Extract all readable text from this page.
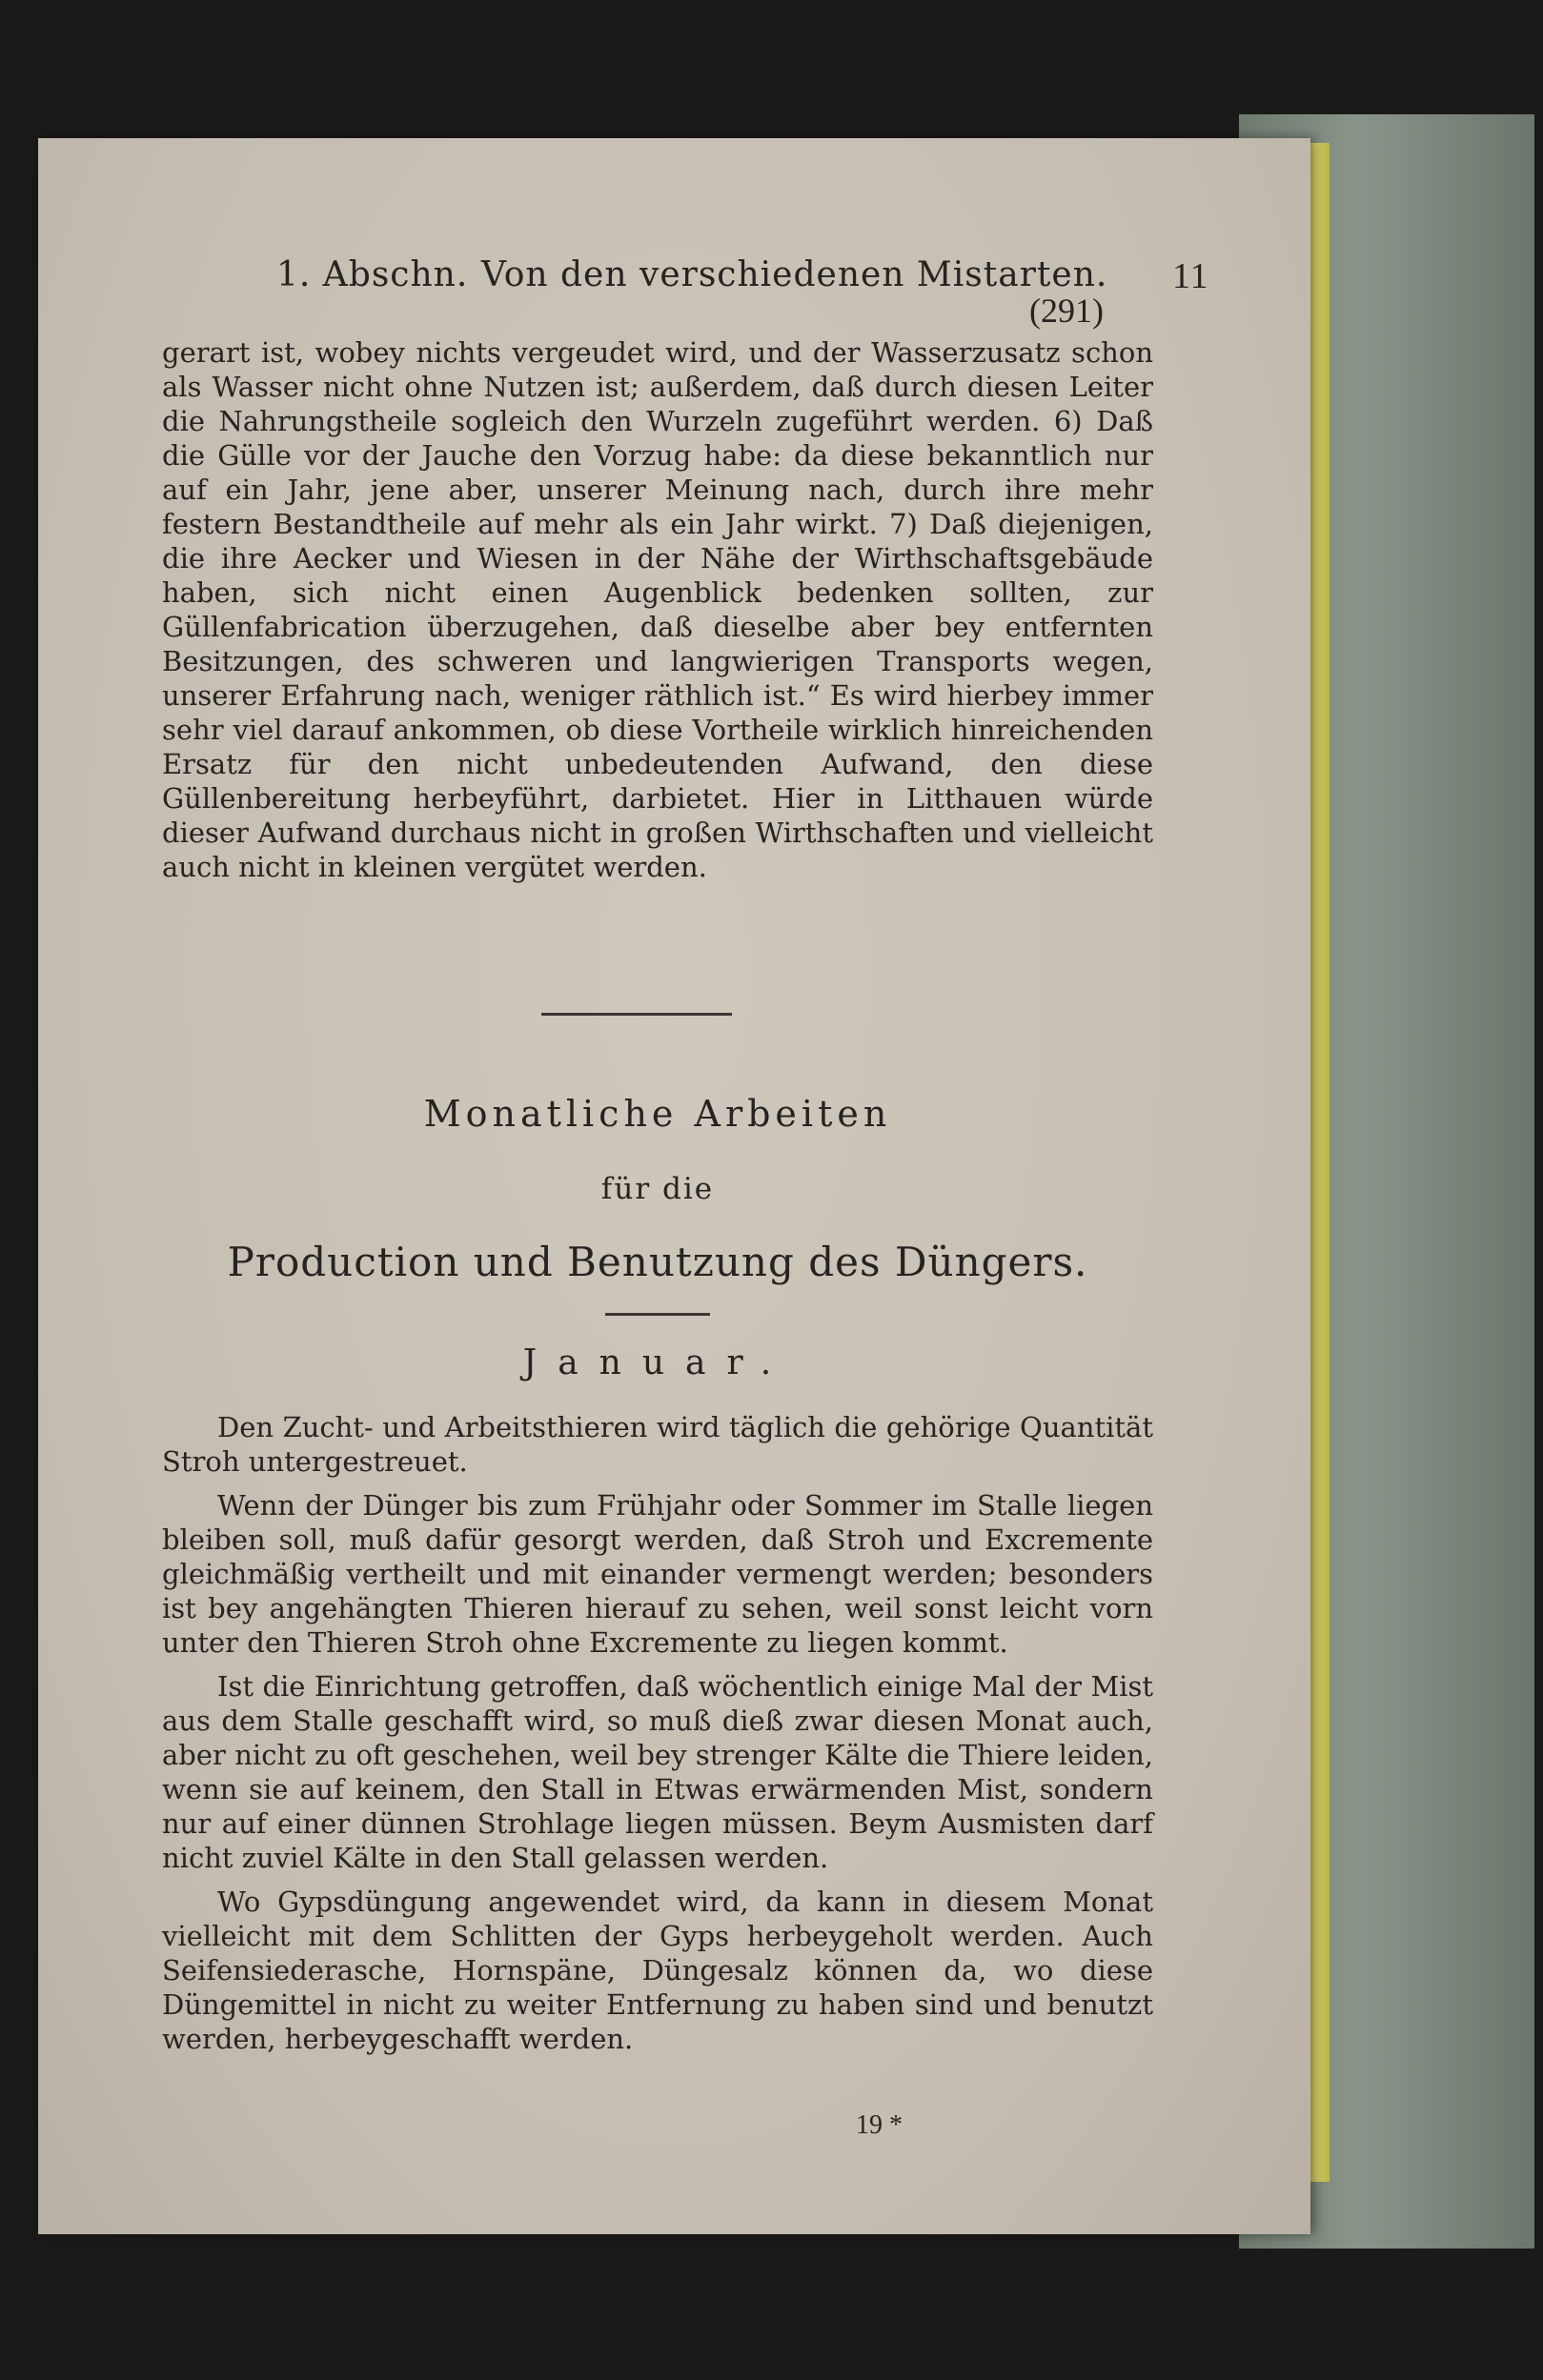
1. Abschn. Von den verschiedenen Mistarten. 11
(291)

gerart ist, wobey nichts vergeudet wird, und der Wasserzusatz schon als Wasser nicht ohne Nutzen ist; außerdem, daß durch diesen Leiter die Nahrungstheile sogleich den Wurzeln zugeführt werden. 6) Daß die Gülle vor der Jauche den Vorzug habe: da diese bekanntlich nur auf ein Jahr, jene aber, unserer Meinung nach, durch ihre mehr festern Bestandtheile auf mehr als ein Jahr wirkt. 7) Daß diejenigen, die ihre Aecker und Wiesen in der Nähe der Wirthschaftsgebäude haben, sich nicht einen Augenblick bedenken sollten, zur Güllenfabrication überzugehen, daß dieselbe aber bey entfernten Besitzungen, des schweren und langwierigen Transports wegen, unserer Erfahrung nach, weniger räthlich ist.“ Es wird hierbey immer sehr viel darauf ankommen, ob diese Vortheile wirklich hinreichenden Ersatz für den nicht unbedeutenden Aufwand, den diese Güllenbereitung herbeyführt, darbietet. Hier in Litthauen würde dieser Aufwand durchaus nicht in großen Wirthschaften und vielleicht auch nicht in kleinen vergütet werden.

Monatliche Arbeiten
für die
Production und Benutzung des Düngers.
Januar.

Den Zucht- und Arbeitsthieren wird täglich die gehörige Quantität Stroh untergestreuet.

Wenn der Dünger bis zum Frühjahr oder Sommer im Stalle liegen bleiben soll, muß dafür gesorgt werden, daß Stroh und Excremente gleichmäßig vertheilt und mit einander vermengt werden; besonders ist bey angehängten Thieren hierauf zu sehen, weil sonst leicht vorn unter den Thieren Stroh ohne Excremente zu liegen kommt.

Ist die Einrichtung getroffen, daß wöchentlich einige Mal der Mist aus dem Stalle geschafft wird, so muß dieß zwar diesen Monat auch, aber nicht zu oft geschehen, weil bey strenger Kälte die Thiere leiden, wenn sie auf keinem, den Stall in Etwas erwärmenden Mist, sondern nur auf einer dünnen Strohlage liegen müssen. Beym Ausmisten darf nicht zuviel Kälte in den Stall gelassen werden.

Wo Gypsdüngung angewendet wird, da kann in diesem Monat vielleicht mit dem Schlitten der Gyps herbeygeholt werden. Auch Seifensiederasche, Hornspäne, Düngesalz können da, wo diese Düngemittel in nicht zu weiter Entfernung zu haben sind und benutzt werden, herbeygeschafft werden.

19 *
